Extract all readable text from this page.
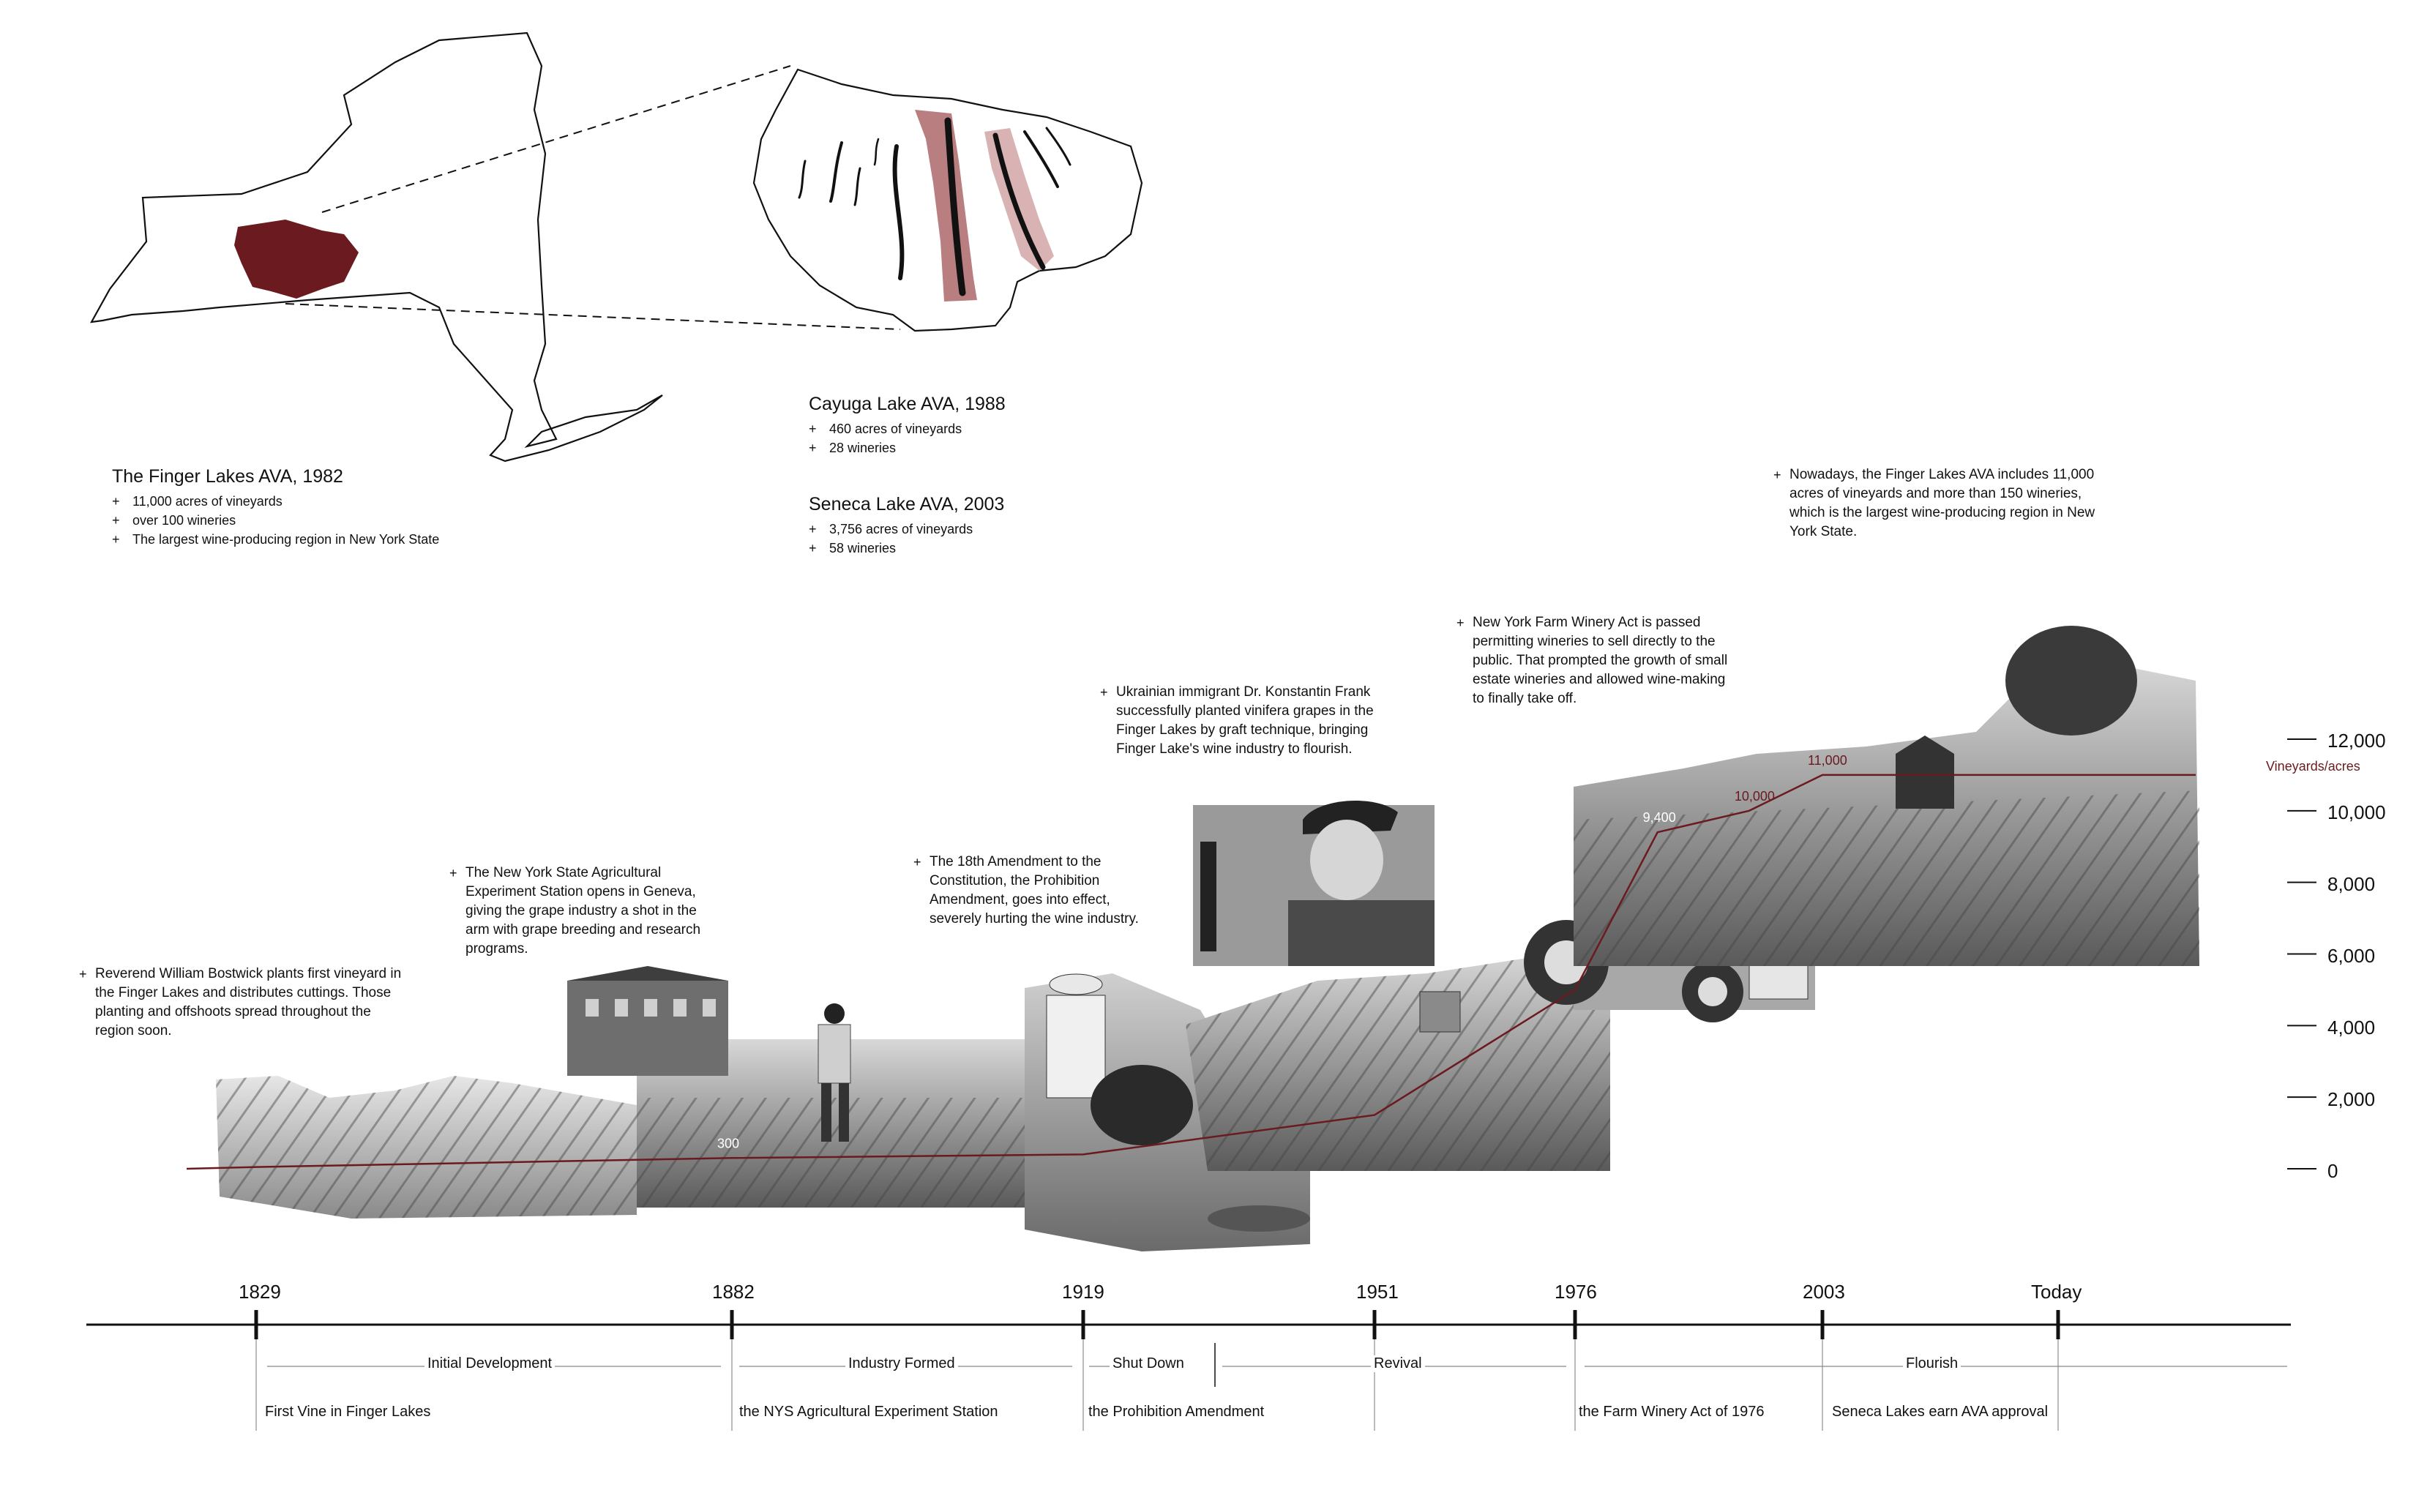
300
9,400
10,000
11,000
The Finger Lakes AVA, 1982
+ 11,000 acres of vineyards
+ over 100 wineries
+ The largest wine-producing region in New York State
Cayuga Lake AVA, 1988
+ 460 acres of vineyards
+ 28 wineries
Seneca Lake AVA, 2003
+ 3,756 acres of vineyards
+ 58 wineries
+ Reverend William Bostwick plants first vineyard in the Finger Lakes and distributes cuttings. Those planting and offshoots spread throughout the region soon.
+ The New York State Agricultural Experiment Station opens in Geneva, giving the grape industry a shot in the arm with grape breeding and research programs.
+ The 18th Amendment to the Constitution, the Prohibition Amendment, goes into effect, severely hurting the wine industry.
+ Ukrainian immigrant Dr. Konstantin Frank successfully planted vinifera grapes in the Finger Lakes by graft technique, bringing Finger Lake's wine industry to flourish.
+ New York Farm Winery Act is passed permitting wineries to sell directly to the public. That prompted the growth of small estate wineries and allowed wine-making to finally take off.
+ Nowadays, the Finger Lakes AVA includes 11,000 acres of vineyards and more than 150 wineries, which is the largest wine-producing region in New York State.
0
2,000
4,000
6,000
8,000
10,000
12,000
Vineyards/acres
1829	1882	1919	1951	1976	2003	Today
Initial Development	Industry Formed	Shut Down	Revival	Flourish
First Vine in Finger Lakes	the NYS Agricultural Experiment Station	the Prohibition Amendment	the Farm Winery Act of 1976	Seneca Lakes earn AVA approval
